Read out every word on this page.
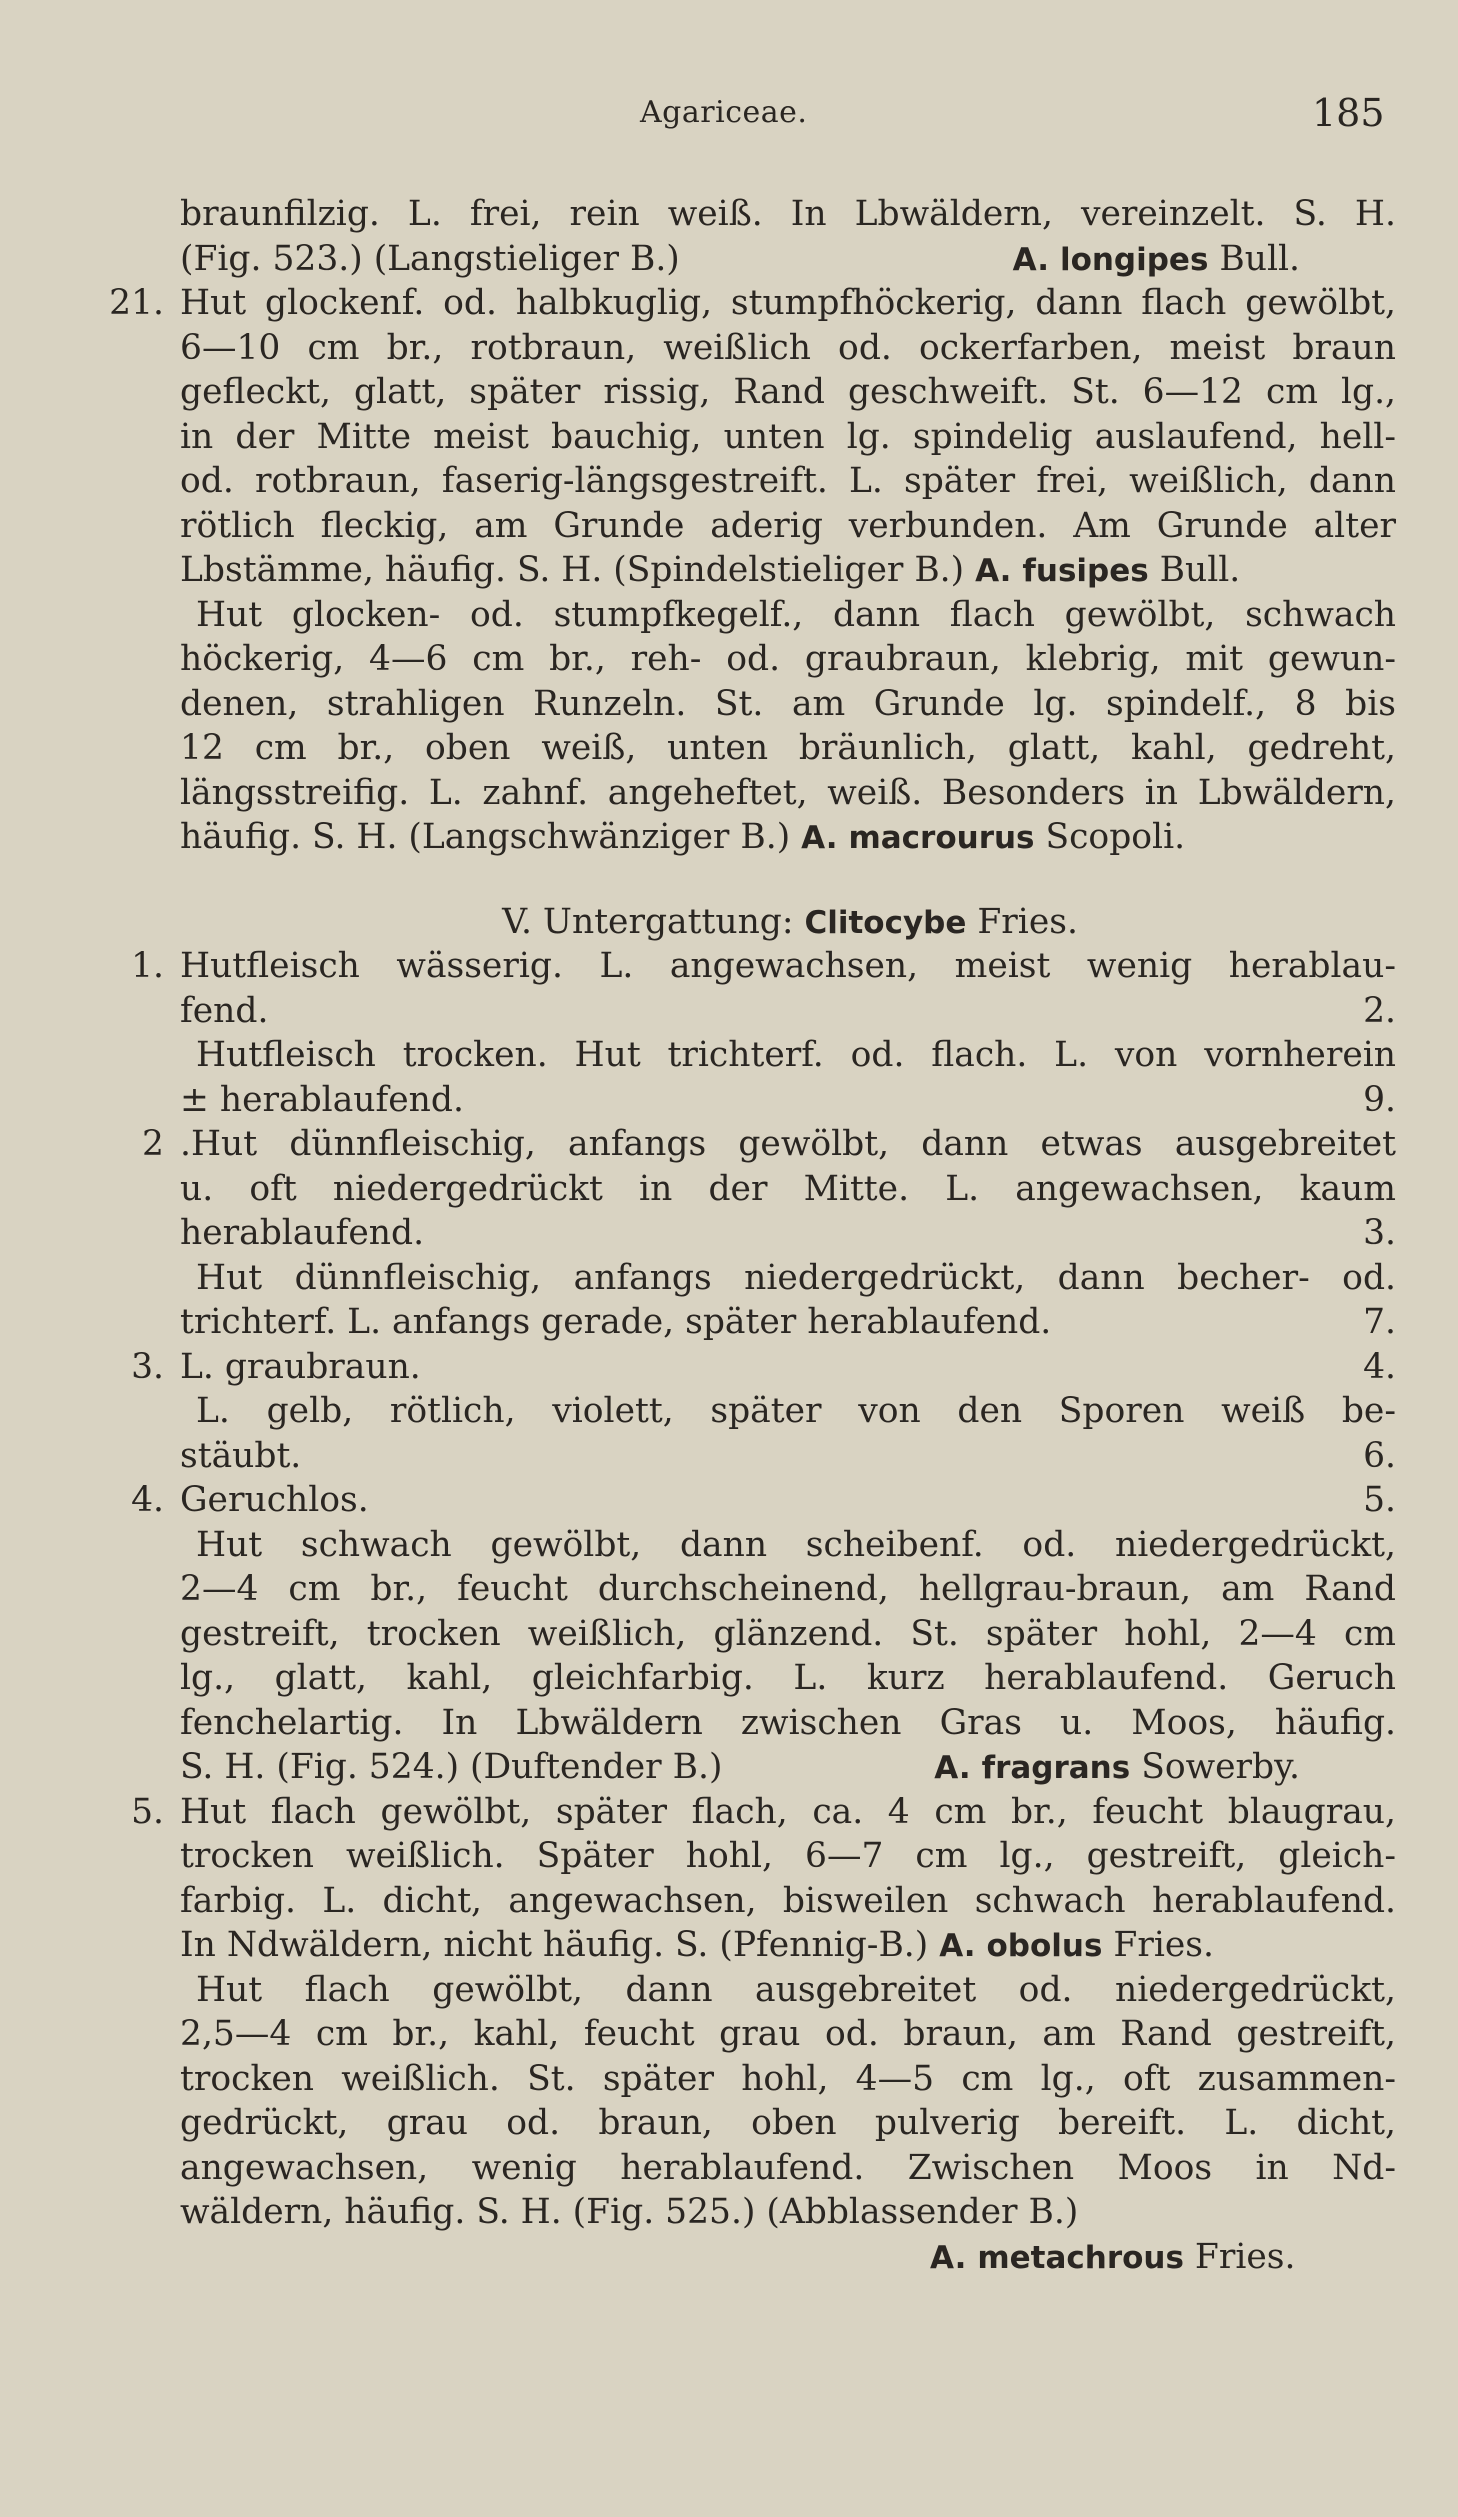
Agariceae.	185
braunfilzig. L. frei, rein weiß. In Lbwäldern, vereinzelt. S. H.
(Fig. 523.) (Langstieliger B.)	A. longipes Bull.
21. Hut glockenf. od. halbkuglig, stumpfhöckerig, dann flach gewölbt,
6—10 cm br., rotbraun, weißlich od. ockerfarben, meist braun
gefleckt, glatt, später rissig, Rand geschweift. St. 6—12 cm lg.,
in der Mitte meist bauchig, unten lg. spindelig auslaufend, hell-
od. rotbraun, faserig-längsgestreift. L. später frei, weißlich, dann
rötlich fleckig, am Grunde aderig verbunden. Am Grunde alter
Lbstämme, häufig. S. H. (Spindelstieliger B.) A. fusipes Bull.
Hut glocken- od. stumpfkegelf., dann flach gewölbt, schwach
höckerig, 4—6 cm br., reh- od. graubraun, klebrig, mit gewun-
denen, strahligen Runzeln. St. am Grunde lg. spindelf., 8 bis
12 cm br., oben weiß, unten bräunlich, glatt, kahl, gedreht,
längsstreifig. L. zahnf. angeheftet, weiß. Besonders in Lbwäldern,
häufig. S. H. (Langschwänziger B.) A. macrourus Scopoli.
V. Untergattung: Clitocybe Fries.
1. Hutfleisch wässerig. L. angewachsen, meist wenig herablau-
fend.	2.
Hutfleisch trocken. Hut trichterf. od. flach. L. von vornherein
± herablaufend.	9.
2 .Hut dünnfleischig, anfangs gewölbt, dann etwas ausgebreitet
u. oft niedergedrückt in der Mitte. L. angewachsen, kaum
herablaufend.	3.
Hut dünnfleischig, anfangs niedergedrückt, dann becher- od.
trichterf. L. anfangs gerade, später herablaufend.	7.
3. L. graubraun.	4.
L. gelb, rötlich, violett, später von den Sporen weiß be-
stäubt.	6.
4. Geruchlos.	5.
Hut schwach gewölbt, dann scheibenf. od. niedergedrückt,
2—4 cm br., feucht durchscheinend, hellgrau-braun, am Rand
gestreift, trocken weißlich, glänzend. St. später hohl, 2—4 cm
lg., glatt, kahl, gleichfarbig. L. kurz herablaufend. Geruch
fenchelartig. In Lbwäldern zwischen Gras u. Moos, häufig.
S. H. (Fig. 524.) (Duftender B.)	A. fragrans Sowerby.
5. Hut flach gewölbt, später flach, ca. 4 cm br., feucht blaugrau,
trocken weißlich. Später hohl, 6—7 cm lg., gestreift, gleich-
farbig. L. dicht, angewachsen, bisweilen schwach herablaufend.
In Ndwäldern, nicht häufig. S. (Pfennig-B.) A. obolus Fries.
Hut flach gewölbt, dann ausgebreitet od. niedergedrückt,
2,5—4 cm br., kahl, feucht grau od. braun, am Rand gestreift,
trocken weißlich. St. später hohl, 4—5 cm lg., oft zusammen-
gedrückt, grau od. braun, oben pulverig bereift. L. dicht,
angewachsen, wenig herablaufend. Zwischen Moos in Nd-
wäldern, häufig. S. H. (Fig. 525.) (Abblassender B.)
A. metachrous Fries.
